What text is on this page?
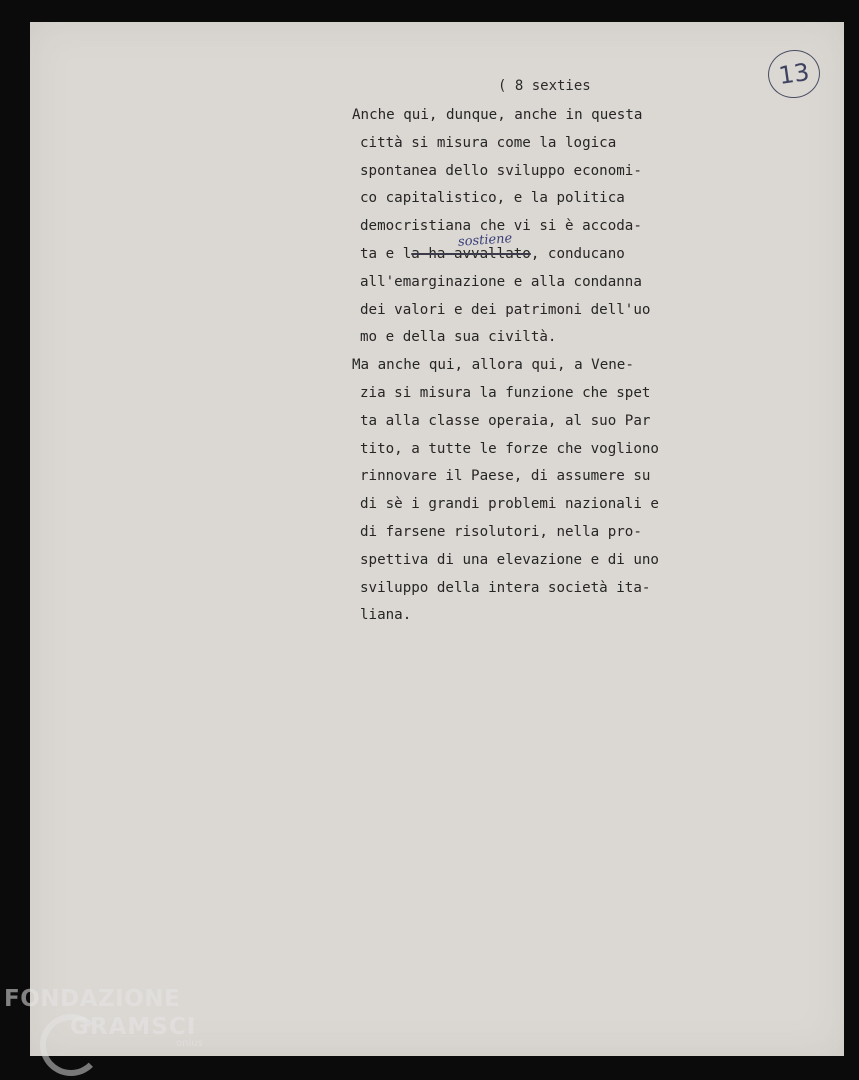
13
( 8 sexties
Anche qui, dunque, anche in questa
città si misura come la logica
spontanea dello sviluppo economi-
co capitalistico, e la politica
democristiana che vi si è accoda-
ta e la ha avvallato, conducano
sostiene
all'emarginazione e alla condanna
dei valori e dei patrimoni dell'uo
mo e della sua civiltà.
Ma anche qui, allora qui, a Vene-
zia si misura la funzione che spet
ta alla classe operaia, al suo Par
tito, a tutte le forze che vogliono
rinnovare il Paese, di assumere su
di sè i grandi problemi nazionali e
di farsene risolutori, nella pro-
spettiva di una elevazione e di uno
sviluppo della intera società ita-
liana.
FONDAZIONE
GRAMSCI
onlus
